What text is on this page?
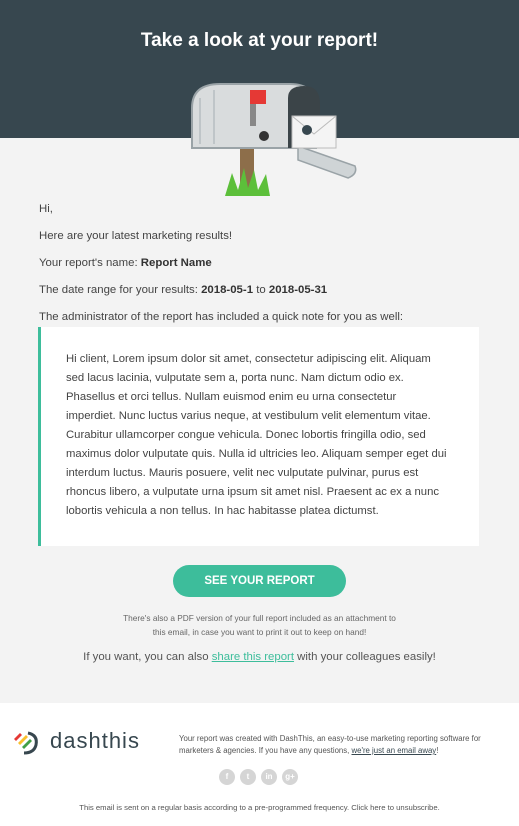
Take a look at your report!

Hi,

Here are your latest marketing results!

Your report's name: Report Name

The date range for your results: 2018-05-1 to 2018-05-31

The administrator of the report has included a quick note for you as well:

Hi client, Lorem ipsum dolor sit amet, consectetur adipiscing elit. Aliquam sed lacus lacinia, vulputate sem a, porta nunc. Nam dictum odio ex. Phasellus et orci tellus. Nullam euismod enim eu urna consectetur imperdiet. Nunc luctus varius neque, at vestibulum velit elementum vitae. Curabitur ullamcorper congue vehicula. Donec lobortis fringilla odio, sed maximus dolor vulputate quis. Nulla id ultricies leo. Aliquam semper eget dui interdum luctus. Mauris posuere, velit nec vulputate pulvinar, purus est rhoncus libero, a vulputate urna ipsum sit amet nisl. Praesent ac ex a nunc lobortis vehicula a non tellus. In hac habitasse platea dictumst.

SEE YOUR REPORT
There's also a PDF version of your full report included as an attachment to
this email, in case you want to print it out to keep on hand!
If you want, you can also share this report with your colleagues easily!
dashthis	Your report was created with DashThis, an easy-to-use marketing reporting software for marketers & agencies. If you have any questions, we're just an email away!
f	t	in	g+
This email is sent on a regular basis according to a pre-programmed frequency. Click here to unsubscribe.
